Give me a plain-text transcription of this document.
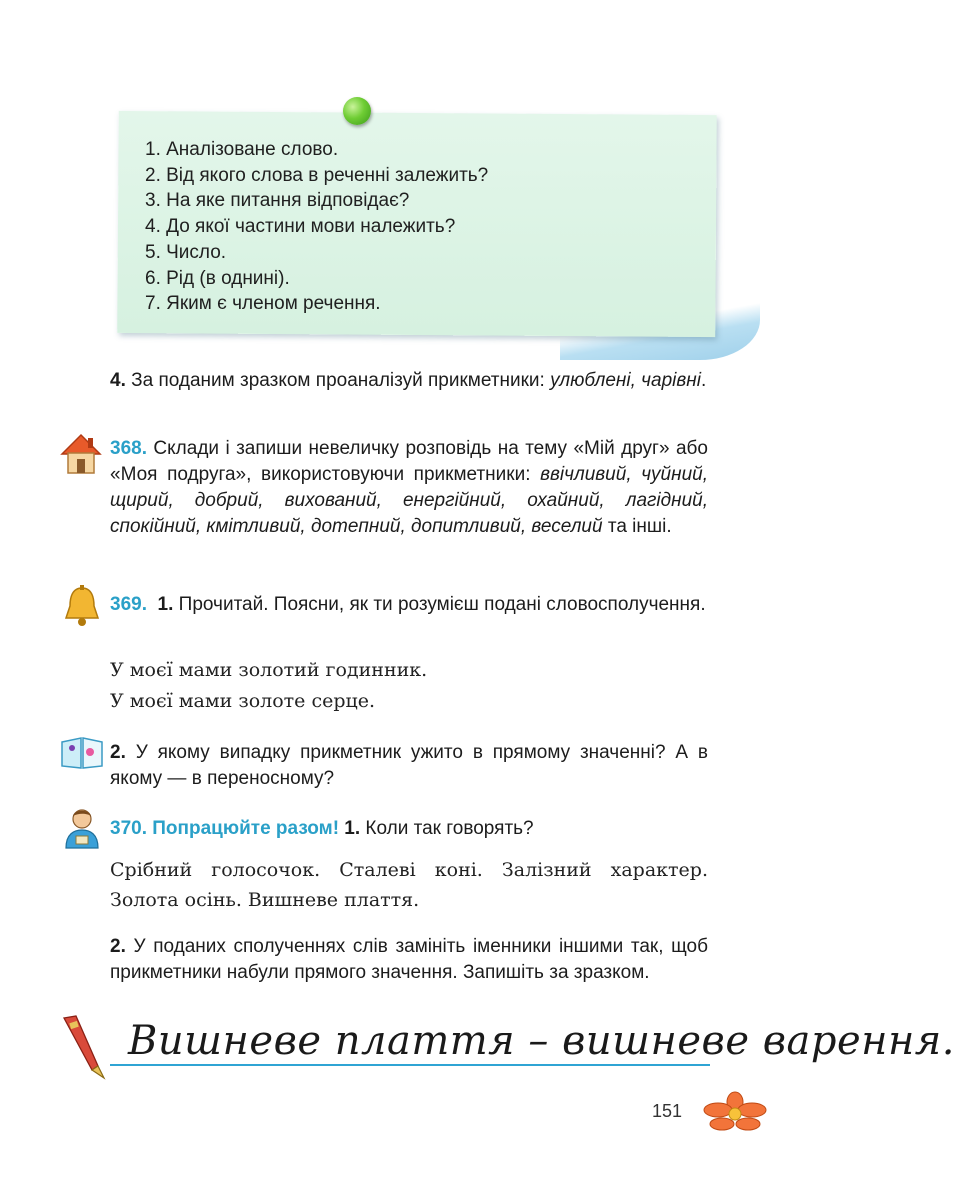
1. Аналізоване слово.
2. Від якого слова в реченні залежить?
3. На яке питання відповідає?
4. До якої частини мови належить?
5. Число.
6. Рід (в однині).
7. Яким є членом речення.
4. За поданим зразком проаналізуй прикметники: улюблені, чарівні.
368. Склади і запиши невеличку розповідь на тему «Мій друг» або «Моя подруга», використовуючи прикметники: ввічливий, чуйний, щирий, добрий, вихований, енергійний, охайний, лагідний, спокійний, кмітливий, дотепний, допитливий, веселий та інші.
369. 1. Прочитай. Поясни, як ти розумієш подані словосполучення.
У моєї мами золотий годинник.
У моєї мами золоте серце.
2. У якому випадку прикметник ужито в прямому значенні? А в якому — в переносному?
370. Попрацюйте разом! 1. Коли так говорять?
Срібний голосочок. Сталеві коні. Залізний характер. Золота осінь. Вишневе плаття.
2. У поданих сполученнях слів замініть іменники іншими так, щоб прикметники набули прямого значення. Запишіть за зразком.
Вишневе плаття – вишневе варення.
151
